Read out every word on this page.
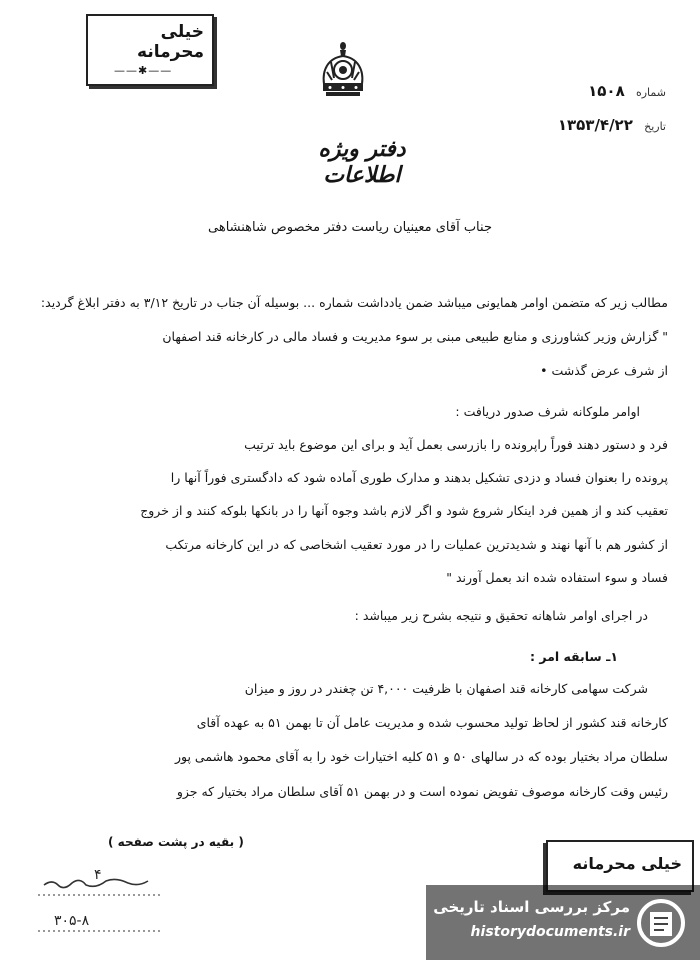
خیلی محرمانه
——✱——
شماره ۱۵۰۸
تاریخ ۱۳۵۳/۴/۲۲
دفتر ویژه اطلاعات
جناب آقای معینیان ریاست دفتر مخصوص شاهنشاهی
مطالب زیر که متضمن اوامر همایونی میباشد ضمن یادداشت شماره ... بوسیله آن جناب در تاریخ ۳/۱۲ به دفتر ابلاغ گردید:
" گزارش وزیر کشاورزی و منابع طبیعی مبنی بر سوء مدیریت و فساد مالی در کارخانه قند اصفهان
از شرف عرض گذشت •
اوامر ملوکانه شرف صدور دریافت :
فرد و دستور دهند فوراً راپرونده را بازرسی بعمل آید و برای این موضوع باید ترتیب
پرونده را بعنوان فساد و دزدی تشکیل بدهند و مدارک طوری آماده شود که دادگستری فوراً آنها را
تعقیب کند و از همین فرد اینکار شروع شود و اگر لازم باشد وجوه آنها را در بانکها بلوکه کنند و از خروج
از کشور هم با آنها نهند و شدیدترین عملیات را در مورد تعقیب اشخاصی که در این کارخانه مرتکب
فساد و سوء استفاده شده اند بعمل آورند "
در اجرای اوامر شاهانه تحقیق و نتیجه بشرح زیر میباشد :
۱ـ سابقه امر :
شرکت سهامی کارخانه قند اصفهان با ظرفیت ۴,۰۰۰ تن چغندر در روز و میزان
کارخانه قند کشور از لحاظ تولید محسوب شده و مدیریت عامل آن تا بهمن ۵۱ به عهده آقای
سلطان مراد بختیار بوده که در سالهای ۵۰ و ۵۱ کلیه اختیارات خود را به آقای محمود هاشمی پور
رئیس وقت کارخانه موصوف تفویض نموده است و در بهمن ۵۱ آقای سلطان مراد بختیار که جزو
( بقیه در پشت صفحه )
۴
۳۰۵-۸
خیلی محرمانه
مرکز بررسی اسناد تاریخی
historydocuments.ir
